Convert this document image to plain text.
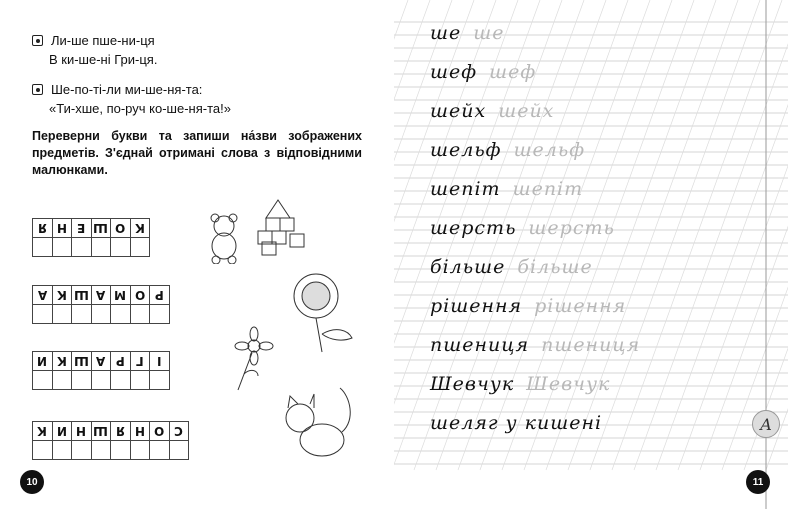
Ли-ше пше-ни-ця
В ки-ше-ні Гри-ця.
Ше-по-ті-ли ми-ше-ня-та:
«Ти-хше, по-руч ко-ше-ня-та!»
Переверни букви та запиши на́зви зображених предметів. З'єднай отримані слова з відповідними малюнками.
Я Н Е Ш О К
А К Ш А М О Р
И К Ш А Р Г І
К И Н Ш Я Н О С
10
ше ше
шеф шеф
шейх шейх
шельф шельф
шепіт шепіт
шерсть шерсть
більше більше
рішення рішення
пшениця пшениця
Шевчук Шевчук
шеляг у кишені	А
11
